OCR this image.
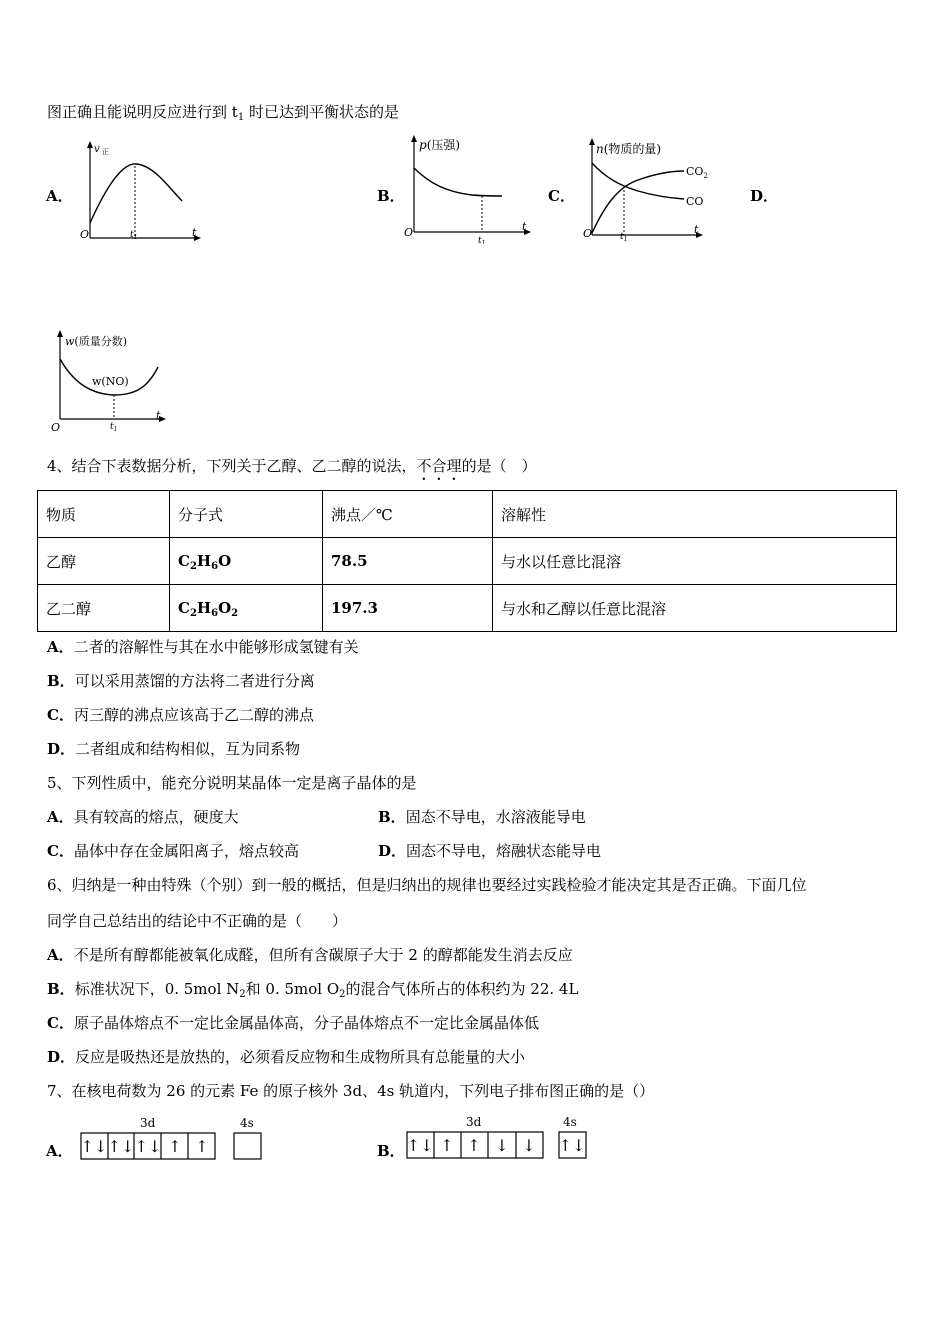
图正确且能说明反应进行到 $t_1$ 时已达到平衡状态的是
A．	B．	C．	D．
v 正
O	$t_1$	t
p(压强)
O
$t_1$
t
n(物质的量)
$CO_2$
CO
O	$t_1$
t
w(质量分数)
w(NO)
O	$t_1$
t
4、结合下表数据分析，下列关于乙醇、乙二醇的说法，不合理的是（　）
物质	分子式	沸点／℃	溶解性
乙醇	$C_2H_6O$	78.5	与水以任意比混溶
乙二醇	$C_2H_6O_2$	197.3	与水和乙醇以任意比混溶
A．二者的溶解性与其在水中能够形成氢键有关
B．可以采用蒸馏的方法将二者进行分离
C．丙三醇的沸点应该高于乙二醇的沸点
D．二者组成和结构相似，互为同系物
5、下列性质中，能充分说明某晶体一定是离子晶体的是
A．具有较高的熔点，硬度大	B．固态不导电，水溶液能导电
C．晶体中存在金属阳离子，熔点较高	D．固态不导电，熔融状态能导电
6、归纳是一种由特殊（个别）到一般的概括，但是归纳出的规律也要经过实践检验才能决定其是否正确。下面几位
同学自己总结出的结论中不正确的是（　　）
A．不是所有醇都能被氧化成醛，但所有含碳原子大于 2 的醇都能发生消去反应
B．标准状况下，0. 5mol $N_2$和 0. 5mol $O_2$的混合气体所占的体积约为 22. 4L
C．原子晶体熔点不一定比金属晶体高，分子晶体熔点不一定比金属晶体低
D．反应是吸热还是放热的，必须看反应物和生成物所具有总能量的大小
7、在核电荷数为 26 的元素 Fe 的原子核外 3d、4s 轨道内，下列电子排布图正确的是（）
A．
3d	4s
↑↓ ↑↓ ↑↓ ↑ ↑	B．
3d	4s
↑↓ ↑ ↑ ↓ ↓ ↑↓
